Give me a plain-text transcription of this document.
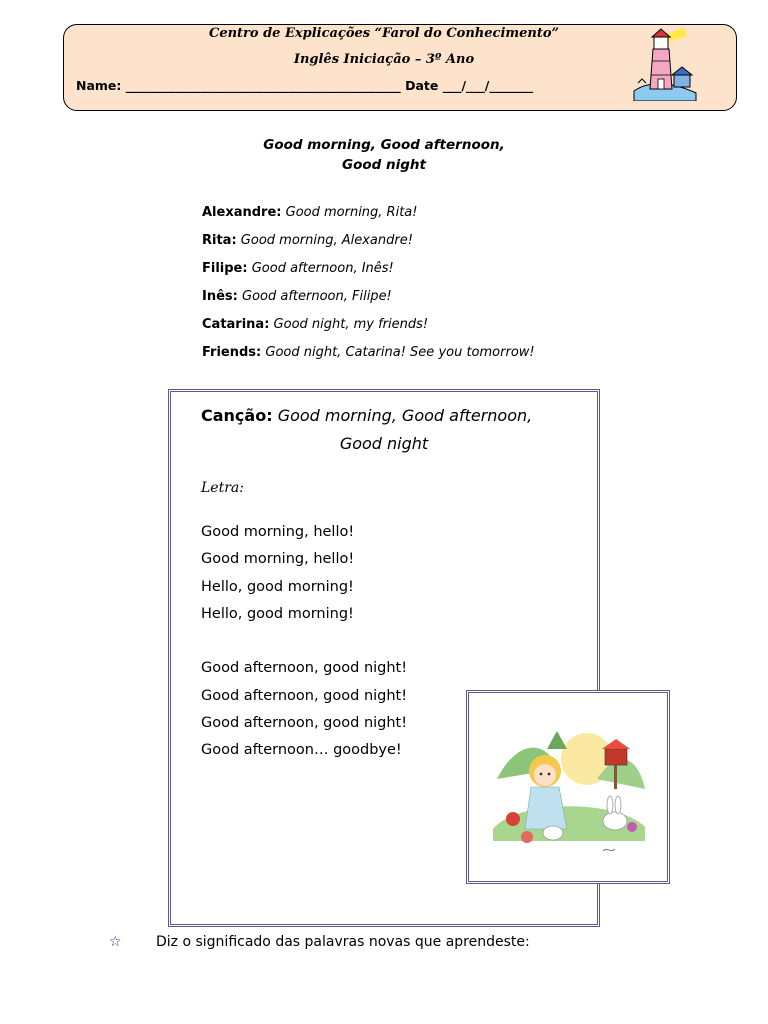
Centro de Explicações “Farol do Conhecimento”
Inglês Iniciação – 3º Ano
Name: ____________________________________________ Date ___/___/_______
Good morning, Good afternoon,
Good night
Alexandre: Good morning, Rita!
Rita: Good morning, Alexandre!
Filipe: Good afternoon, Inês!
Inês: Good afternoon, Filipe!
Catarina: Good night, my friends!
Friends: Good night, Catarina! See you tomorrow!
Canção: Good morning, Good afternoon,
Good night
Letra:
Good morning, hello!
Good morning, hello!
Hello, good morning!
Hello, good morning!
Good afternoon, good night!
Good afternoon, good night!
Good afternoon, good night!
Good afternoon… goodbye!
☆ Diz o significado das palavras novas que aprendeste:
